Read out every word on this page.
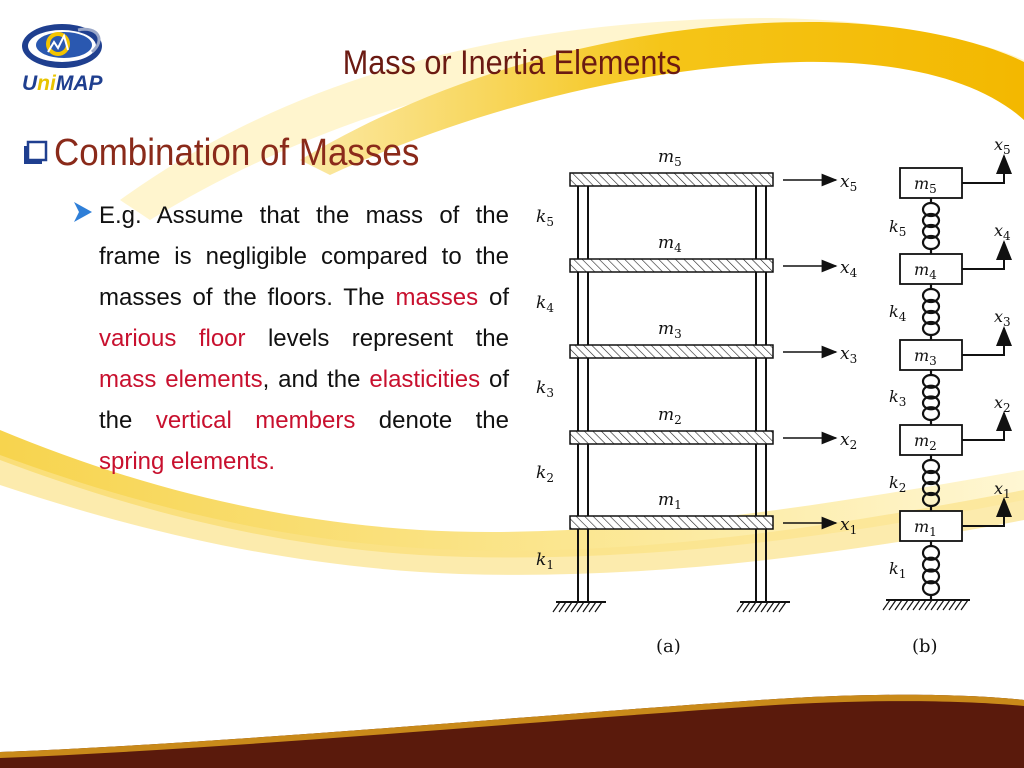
UniMAP
Mass or Inertia Elements
Combination of Masses
E.g. Assume that the mass of the frame is negligible compared to the masses of the floors. The masses of various floor levels represent the mass elements, and the elasticities of the vertical members denote the spring elements.
$m_5$
$m_4$
$m_3$
$m_2$
$m_1$
$k_5$
$k_4$
$k_3$
$k_2$
$k_1$
$x_5$
$x_4$
$x_3$
$x_2$
$x_1$
(a)
$m_5$
$m_4$
$m_3$
$m_2$
$m_1$
$k_5$
$k_4$
$k_3$
$k_2$
$k_1$
$x_5$
$x_4$
$x_3$
$x_2$
$x_1$
(b)
50
